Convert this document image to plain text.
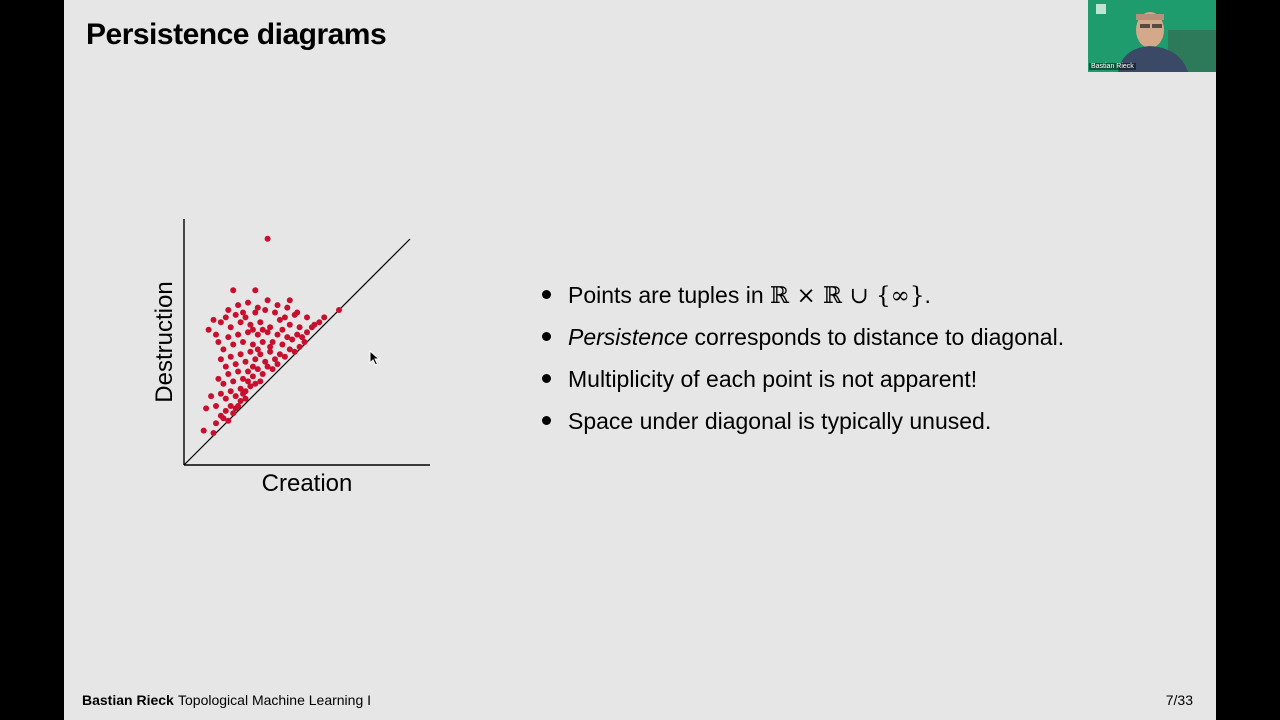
Persistence diagrams
Destruction
Creation
Points are tuples in ℝ × ℝ ∪ {∞}.
Persistence corresponds to distance to diagonal.
Multiplicity of each point is not apparent!
Space under diagonal is typically unused.
Bastian Rieck Topological Machine Learning I	7/33
Bastian Rieck
